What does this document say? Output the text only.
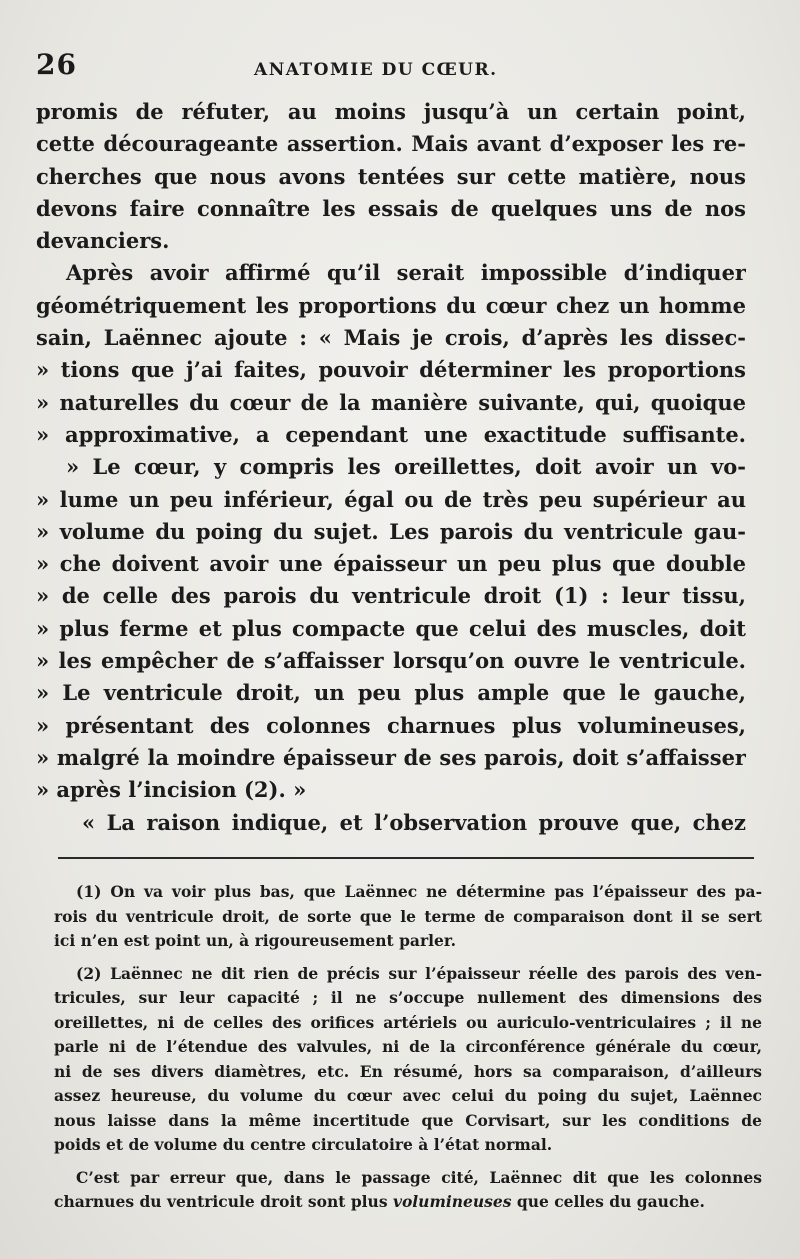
26	ANATOMIE DU CŒUR.
promis de réfuter, au moins jusqu’à un certain point,
cette décourageante assertion. Mais avant d’exposer les re-
cherches que nous avons tentées sur cette matière, nous
devons faire connaître les essais de quelques uns de nos
devanciers.
Après avoir affirmé qu’il serait impossible d’indiquer
géométriquement les proportions du cœur chez un homme
sain, Laënnec ajoute : « Mais je crois, d’après les dissec-
» tions que j’ai faites, pouvoir déterminer les proportions
» naturelles du cœur de la manière suivante, qui, quoique
» approximative, a cependant une exactitude suffisante.
» Le cœur, y compris les oreillettes, doit avoir un vo-
» lume un peu inférieur, égal ou de très peu supérieur au
» volume du poing du sujet. Les parois du ventricule gau-
» che doivent avoir une épaisseur un peu plus que double
» de celle des parois du ventricule droit (1) : leur tissu,
» plus ferme et plus compacte que celui des muscles, doit
» les empêcher de s’affaisser lorsqu’on ouvre le ventricule.
» Le ventricule droit, un peu plus ample que le gauche,
» présentant des colonnes charnues plus volumineuses,
» malgré la moindre épaisseur de ses parois, doit s’affaisser
» après l’incision (2). »
« La raison indique, et l’observation prouve que, chez
(1) On va voir plus bas, que Laënnec ne détermine pas l’épaisseur des pa-
rois du ventricule droit, de sorte que le terme de comparaison dont il se sert
ici n’en est point un, à rigoureusement parler.
(2) Laënnec ne dit rien de précis sur l’épaisseur réelle des parois des ven-
tricules, sur leur capacité ; il ne s’occupe nullement des dimensions des
oreillettes, ni de celles des orifices artériels ou auriculo-ventriculaires ; il ne
parle ni de l’étendue des valvules, ni de la circonférence générale du cœur,
ni de ses divers diamètres, etc. En résumé, hors sa comparaison, d’ailleurs
assez heureuse, du volume du cœur avec celui du poing du sujet, Laënnec
nous laisse dans la même incertitude que Corvisart, sur les conditions de
poids et de volume du centre circulatoire à l’état normal.
C’est par erreur que, dans le passage cité, Laënnec dit que les colonnes
charnues du ventricule droit sont plus volumineuses que celles du gauche.
